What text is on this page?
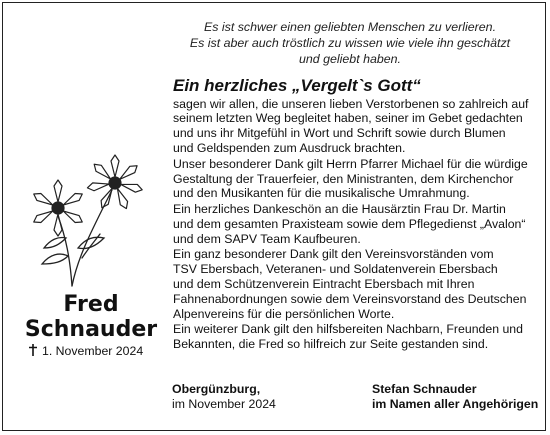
Es ist schwer einen geliebten Menschen zu verlieren.
Es ist aber auch tröstlich zu wissen wie viele ihn geschätzt
und geliebt haben.
Ein herzliches „Vergelt`s Gott“

sagen wir allen, die unseren lieben Verstorbenen so zahlreich auf
seinem letzten Weg begleitet haben, seiner im Gebet gedachten
und uns ihr Mitgefühl in Wort und Schrift sowie durch Blumen
und Geldspenden zum Ausdruck brachten.

Unser besonderer Dank gilt Herrn Pfarrer Michael für die würdige
Gestaltung der Trauerfeier, den Ministranten, dem Kirchenchor
und den Musikanten für die musikalische Umrahmung.

Ein herzliches Dankeschön an die Hausärztin Frau Dr. Martin
und dem gesamten Praxisteam sowie dem Pflegedienst „Avalon“
und dem SAPV Team Kaufbeuren.

Ein ganz besonderer Dank gilt den Vereinsvorständen vom
TSV Ebersbach, Veteranen- und Soldatenverein Ebersbach
und dem Schützenverein Eintracht Ebersbach mit Ihren
Fahnenabordnungen sowie dem Vereinsvorstand des Deutschen
Alpenvereins für die persönlichen Worte.

Ein weiterer Dank gilt den hilfsbereiten Nachbarn, Freunden und
Bekannten, die Fred so hilfreich zur Seite gestanden sind.

Fred
Schnauder
1. November 2024
Obergünzburg,
im November 2024
Stefan Schnauder
im Namen aller Angehörigen
